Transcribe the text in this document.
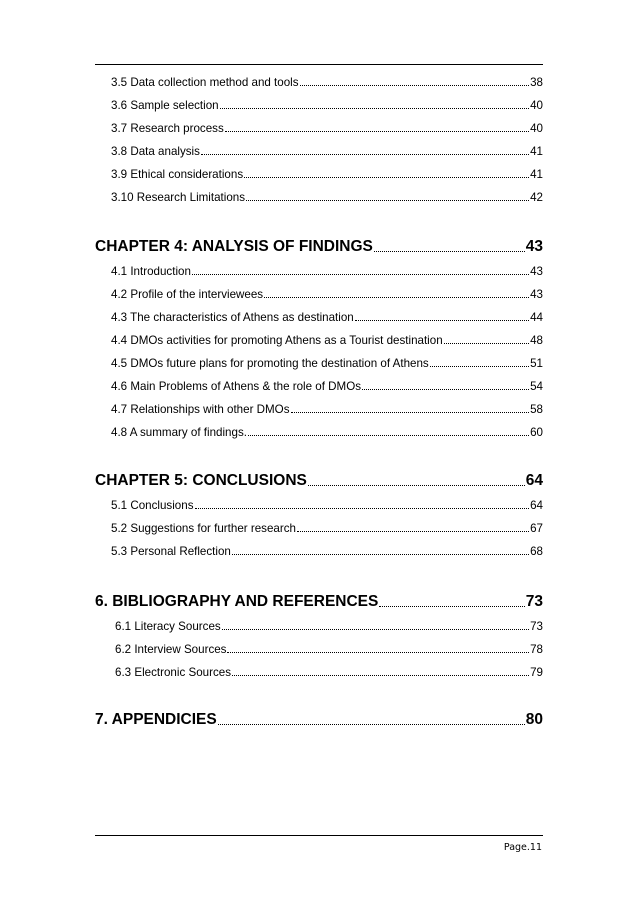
3.5 Data collection method and tools	38
3.6 Sample selection	40
3.7 Research process	40
3.8 Data analysis	41
3.9 Ethical considerations	41
3.10 Research Limitations	42
CHAPTER 4: ANALYSIS OF FINDINGS	43
4.1 Introduction	43
4.2 Profile of the interviewees	43
4.3 The characteristics of Athens as destination	44
4.4 DMOs activities for promoting Athens as a Tourist destination	48
4.5 DMOs future plans for promoting the destination of Athens	51
4.6 Main Problems of Athens & the role of DMOs	54
4.7 Relationships with other DMOs	58
4.8 A summary of findings.	60
CHAPTER 5: CONCLUSIONS	64
5.1 Conclusions	64
5.2 Suggestions for further research	67
5.3 Personal Reflection	68
6. BIBLIOGRAPHY AND REFERENCES	73
6.1 Literacy Sources	73
6.2 Interview Sources	78
6.3 Electronic Sources	79
7. APPENDICIES	80
Page.11
